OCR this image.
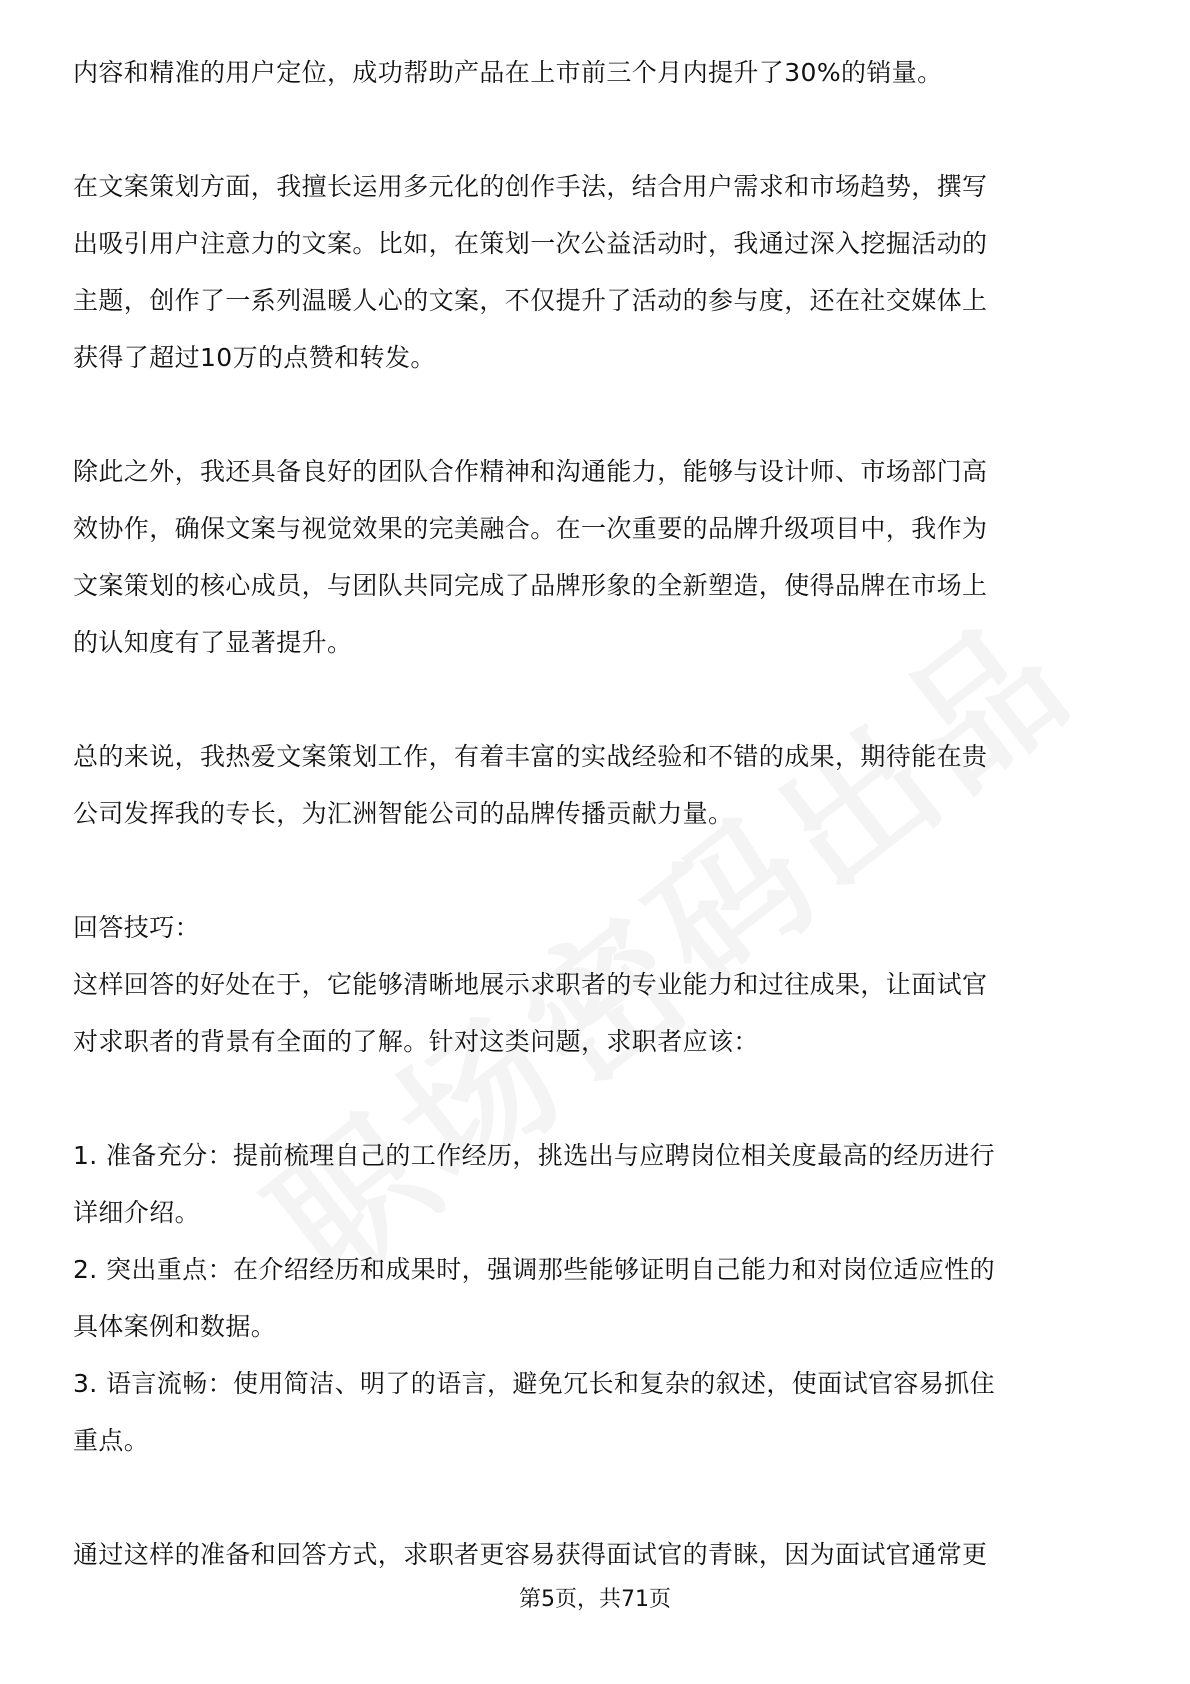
内容和精准的用户定位，成功帮助产品在上市前三个月内提升了30%的销量。
在文案策划方面，我擅长运用多元化的创作手法，结合用户需求和市场趋势，撰写
出吸引用户注意力的文案。比如，在策划一次公益活动时，我通过深入挖掘活动的
主题，创作了一系列温暖人心的文案，不仅提升了活动的参与度，还在社交媒体上
获得了超过10万的点赞和转发。
除此之外，我还具备良好的团队合作精神和沟通能力，能够与设计师、市场部门高
效协作，确保文案与视觉效果的完美融合。在一次重要的品牌升级项目中，我作为
文案策划的核心成员，与团队共同完成了品牌形象的全新塑造，使得品牌在市场上
的认知度有了显著提升。
总的来说，我热爱文案策划工作，有着丰富的实战经验和不错的成果，期待能在贵
公司发挥我的专长，为汇洲智能公司的品牌传播贡献力量。
回答技巧：
这样回答的好处在于，它能够清晰地展示求职者的专业能力和过往成果，让面试官
对求职者的背景有全面的了解。针对这类问题，求职者应该：
1. 准备充分：提前梳理自己的工作经历，挑选出与应聘岗位相关度最高的经历进行
详细介绍。
2. 突出重点：在介绍经历和成果时，强调那些能够证明自己能力和对岗位适应性的
具体案例和数据。
3. 语言流畅：使用简洁、明了的语言，避免冗长和复杂的叙述，使面试官容易抓住
重点。
通过这样的准备和回答方式，求职者更容易获得面试官的青睐，因为面试官通常更
第5页，共71页
